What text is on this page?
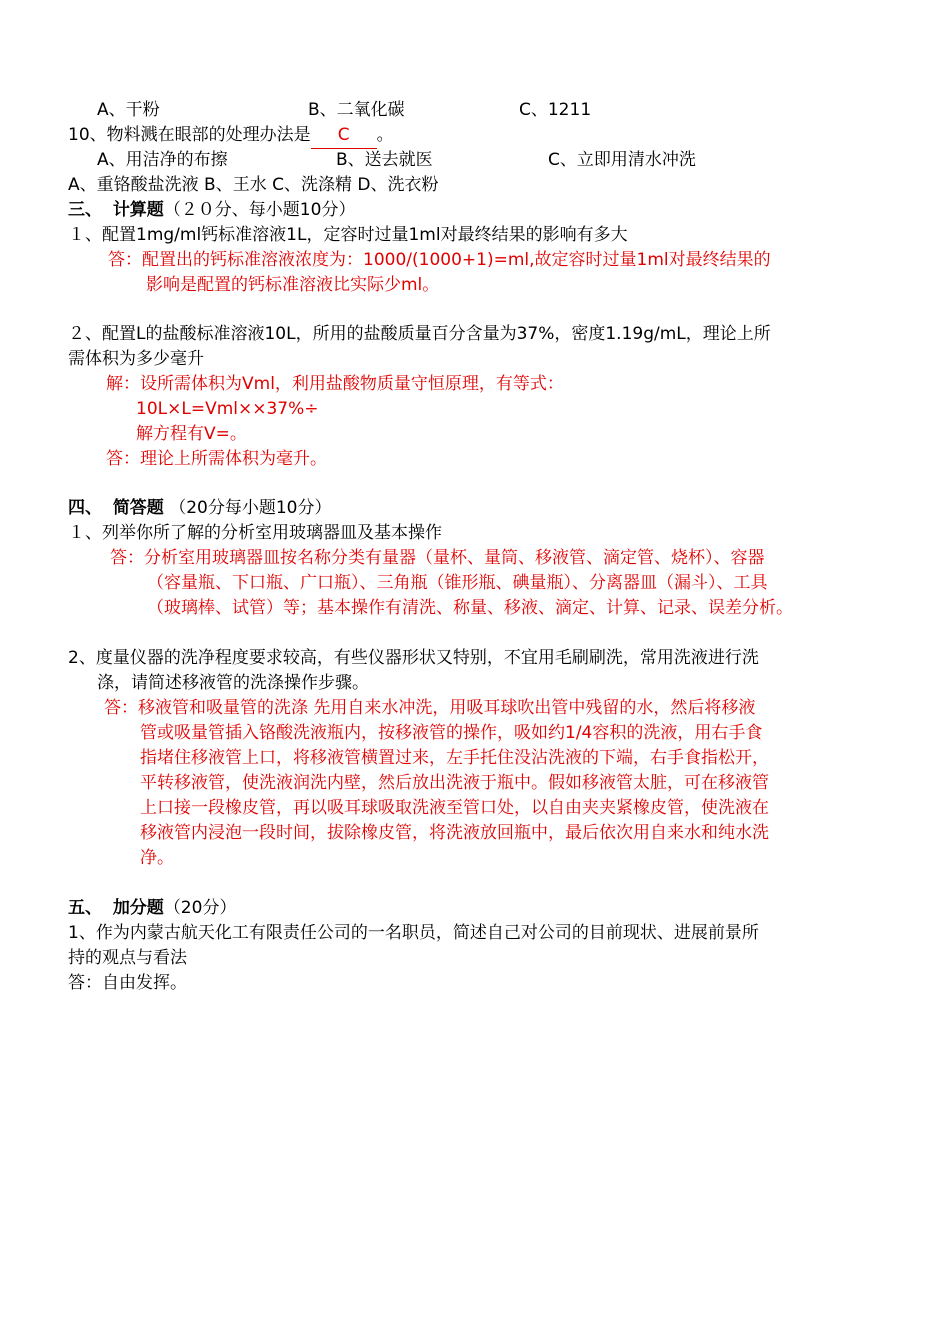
A、干粉	B、二氧化碳	C、1211
10、物料溅在眼部的处理办法是 C 。
A、用洁净的布擦	B、送去就医	C、立即用清水冲洗
A、重铬酸盐洗液 B、王水 C、洗涤精 D、洗衣粉
三、 计算题（２０分、每小题10分）
１、配置1mg/ml钙标准溶液1L，定容时过量1ml对最终结果的影响有多大
答：配置出的钙标准溶液浓度为：1000/(1000+1)=ml,故定容时过量1ml对最终结果的
影响是配置的钙标准溶液比实际少ml。
２、配置L的盐酸标准溶液10L，所用的盐酸质量百分含量为37%，密度1.19g/mL，理论上所
需体积为多少毫升
解：设所需体积为Vml，利用盐酸物质量守恒原理，有等式：
10L×L=Vml××37%÷
解方程有V=。
答：理论上所需体积为毫升。
四、 简答题 （20分每小题10分）
１、列举你所了解的分析室用玻璃器皿及基本操作
答：分析室用玻璃器皿按名称分类有量器（量杯、量筒、移液管、滴定管、烧杯）、容器
（容量瓶、下口瓶、广口瓶）、三角瓶（锥形瓶、碘量瓶）、分离器皿（漏斗）、工具
（玻璃棒、试管）等；基本操作有清洗、称量、移液、滴定、计算、记录、误差分析。
2、度量仪器的洗净程度要求较高，有些仪器形状又特别，不宜用毛刷刷洗，常用洗液进行洗
涤，请简述移液管的洗涤操作步骤。
答：移液管和吸量管的洗涤 先用自来水冲洗，用吸耳球吹出管中残留的水，然后将移液
管或吸量管插入铬酸洗液瓶内，按移液管的操作，吸如约1/4容积的洗液，用右手食
指堵住移液管上口，将移液管横置过来，左手托住没沾洗液的下端，右手食指松开，
平转移液管，使洗液润洗内壁，然后放出洗液于瓶中。假如移液管太脏，可在移液管
上口接一段橡皮管，再以吸耳球吸取洗液至管口处，以自由夹夹紧橡皮管，使洗液在
移液管内浸泡一段时间，拔除橡皮管，将洗液放回瓶中，最后依次用自来水和纯水洗
净。
五、 加分题（20分）
1、作为内蒙古航天化工有限责任公司的一名职员，简述自己对公司的目前现状、进展前景所
持的观点与看法
答：自由发挥。
